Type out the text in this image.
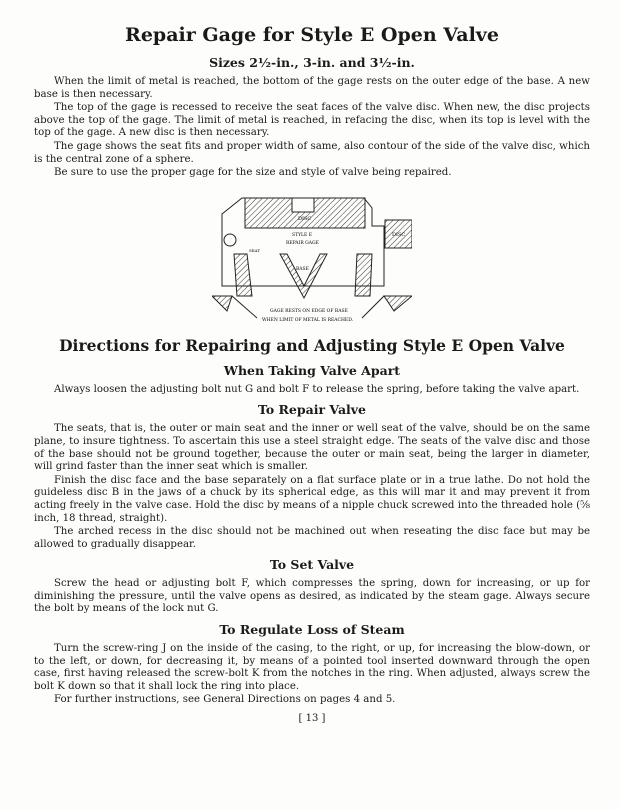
Repair Gage for Style E Open Valve
Sizes 2½-in., 3-in. and 3½-in.

When the limit of metal is reached, the bottom of the gage rests on the outer edge of the base. A new base is then necessary.

The top of the gage is recessed to receive the seat faces of the valve disc. When new, the disc projects above the top of the gage. The limit of metal is reached, in refacing the disc, when its top is level with the top of the gage. A new disc is then necessary.

The gage shows the seat fits and proper width of same, also contour of the side of the valve disc, which is the central zone of a sphere.

Be sure to use the proper gage for the size and style of valve being repaired.

DISC
DISC
STYLE E
REPAIR GAGE
BASE
SEAT
GAGE RESTS ON EDGE OF BASE
WHEN LIMIT OF METAL IS REACHED.
Directions for Repairing and Adjusting Style E Open Valve
When Taking Valve Apart

Always loosen the adjusting bolt nut G and bolt F to release the spring, before taking the valve apart.

To Repair Valve

The seats, that is, the outer or main seat and the inner or well seat of the valve, should be on the same plane, to insure tightness. To ascertain this use a steel straight edge. The seats of the valve disc and those of the base should not be ground together, because the outer or main seat, being the larger in diameter, will grind faster than the inner seat which is smaller.

Finish the disc face and the base separately on a flat surface plate or in a true lathe. Do not hold the guideless disc B in the jaws of a chuck by its spherical edge, as this will mar it and may prevent it from acting freely in the valve case. Hold the disc by means of a nipple chuck screwed into the threaded hole (⅝ inch, 18 thread, straight).

The arched recess in the disc should not be machined out when reseating the disc face but may be allowed to gradually disappear.

To Set Valve

Screw the head or adjusting bolt F, which compresses the spring, down for increasing, or up for diminishing the pressure, until the valve opens as desired, as indicated by the steam gage. Always secure the bolt by means of the lock nut G.

To Regulate Loss of Steam

Turn the screw-ring J on the inside of the casing, to the right, or up, for increasing the blow-down, or to the left, or down, for decreasing it, by means of a pointed tool inserted downward through the open case, first having released the screw-bolt K from the notches in the ring. When adjusted, always screw the bolt K down so that it shall lock the ring into place.

For further instructions, see General Directions on pages 4 and 5.

[ 13 ]
